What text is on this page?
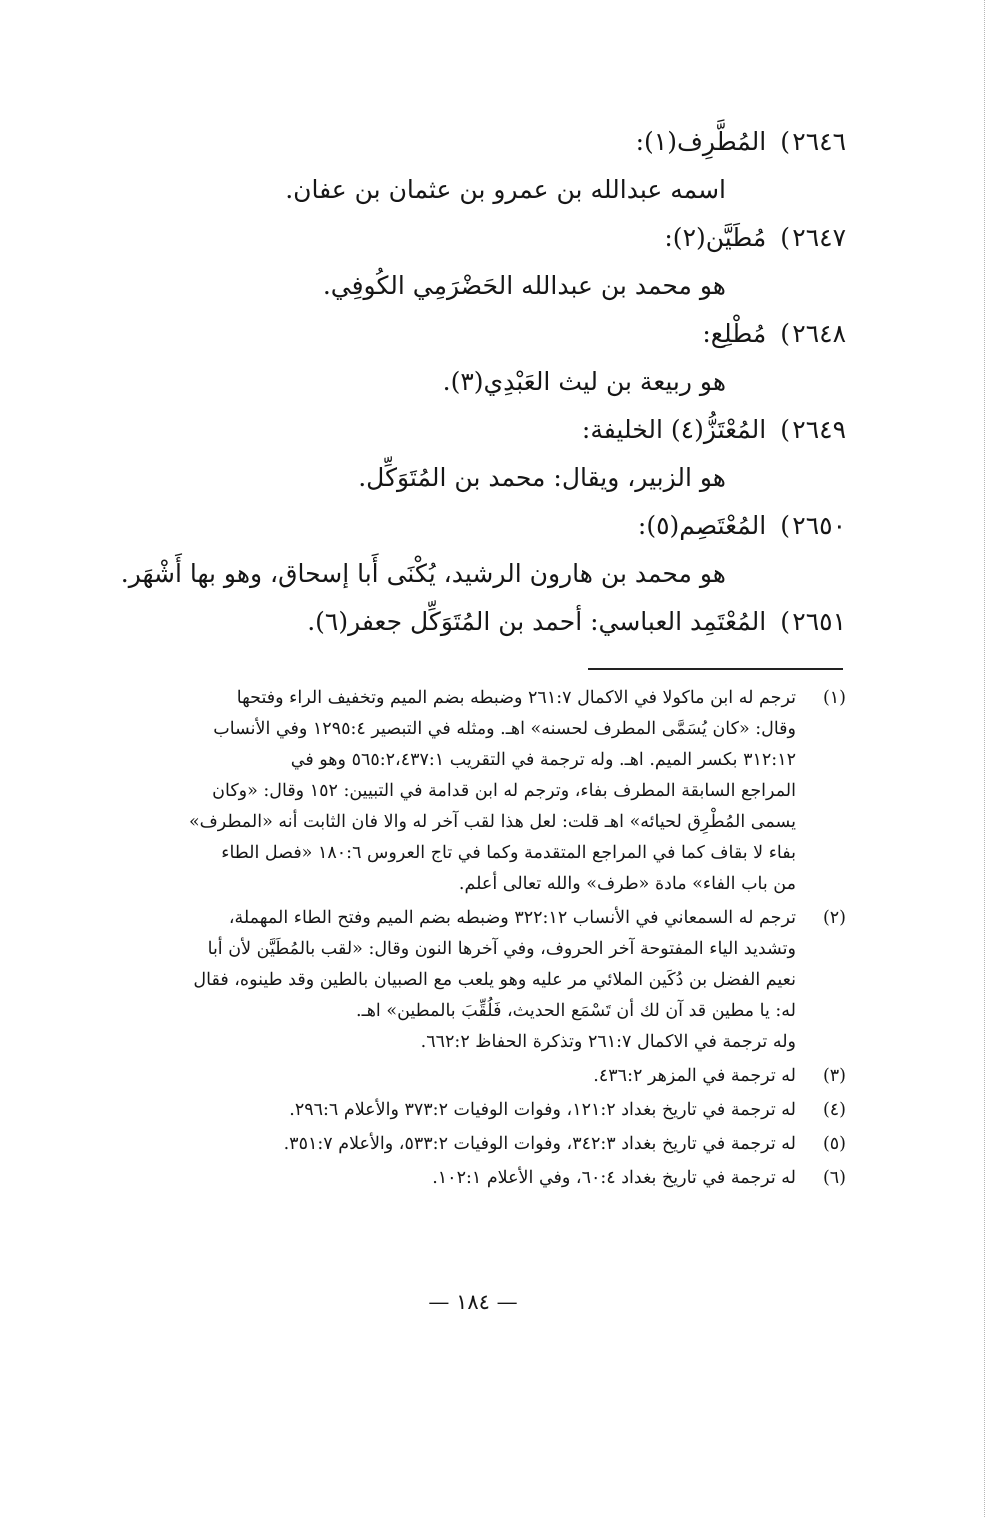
٢٦٤٦)المُطَّرِف(١):
اسمه عبدالله بن عمرو بن عثمان بن عفان.
٢٦٤٧)مُطَيَّن(٢):
هو محمد بن عبدالله الحَضْرَمِي الكُوفِي.
٢٦٤٨)مُطْلِع:
هو ربيعة بن ليث العَبْدِي(٣).
٢٦٤٩)المُعْتَزُّ(٤) الخليفة:
هو الزبير، ويقال: محمد بن المُتَوَكِّل.
٢٦٥٠)المُعْتَصِم(٥):
هو محمد بن هارون الرشيد، يُكْنَى أَبا إسحاق، وهو بها أَشْهَر.
٢٦٥١)المُعْتَمِد العباسي: أحمد بن المُتَوَكِّل جعفر(٦).
(١)
ترجم له ابن ماكولا في الاكمال ٢٦١:٧ وضبطه بضم الميم وتخفيف الراء وفتحها
وقال: «كان يُسَمَّى المطرف لحسنه» اهـ. ومثله في التبصير ١٢٩٥:٤ وفي الأنساب
٣١٢:١٢ بكسر الميم. اهـ. وله ترجمة في التقريب ٥٦٥:٢،٤٣٧:١ وهو في
المراجع السابقة المطرف بفاء، وترجم له ابن قدامة في التبيين: ١٥٢ وقال: «وكان
يسمى المُطْرِق لحيائه» اهـ قلت: لعل هذا لقب آخر له والا فان الثابت أنه «المطرف»
بفاء لا بقاف كما في المراجع المتقدمة وكما في تاج العروس ١٨٠:٦ «فصل الطاء
من باب الفاء» مادة «طرف» والله تعالى أعلم.
(٢)
ترجم له السمعاني في الأنساب ٣٢٢:١٢ وضبطه بضم الميم وفتح الطاء المهملة،
وتشديد الياء المفتوحة آخر الحروف، وفي آخرها النون وقال: «لقب بالمُطَيَّن لأن أبا
نعيم الفضل بن دُكَين الملائي مر عليه وهو يلعب مع الصبيان بالطين وقد طينوه، فقال
له: يا مطين قد آن لك أن تَسْمَع الحديث، فَلُقِّبَ بالمطين» اهـ.
وله ترجمة في الاكمال ٢٦١:٧ وتذكرة الحفاظ ٦٦٢:٢.
(٣)
له ترجمة في المزهر ٤٣٦:٢.
(٤)
له ترجمة في تاريخ بغداد ١٢١:٢، وفوات الوفيات ٣٧٣:٢ والأعلام ٢٩٦:٦.
(٥)
له ترجمة في تاريخ بغداد ٣٤٢:٣، وفوات الوفيات ٥٣٣:٢، والأعلام ٣٥١:٧.
(٦)
له ترجمة في تاريخ بغداد ٦٠:٤، وفي الأعلام ١٠٢:١.
— ١٨٤ —
